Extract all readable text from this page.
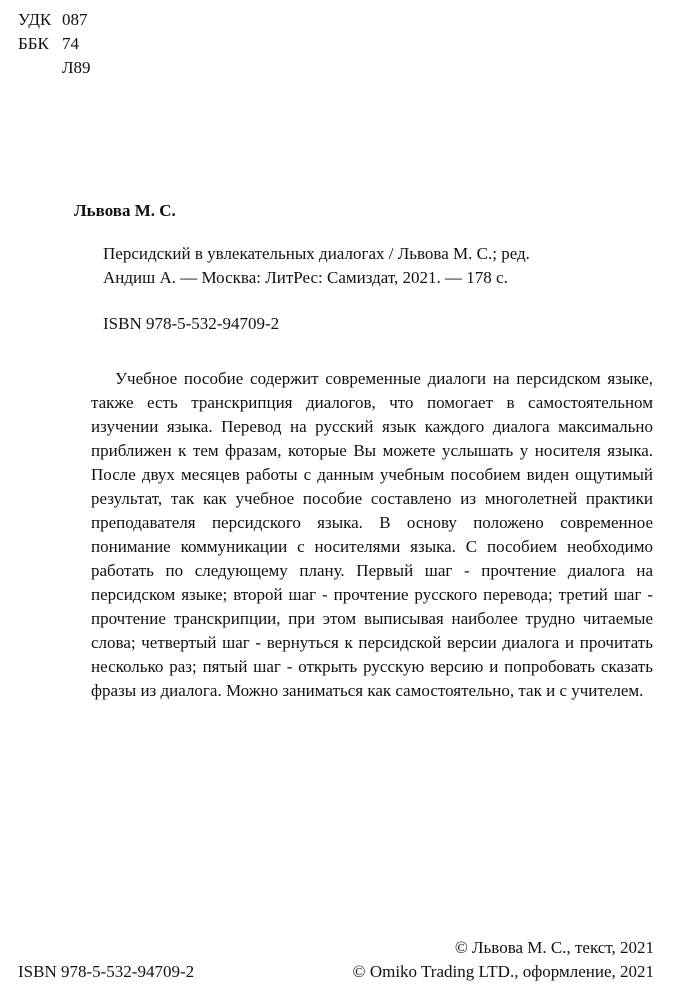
УДК 087
ББК 74
Л89
Львова М. С.
Персидский в увлекательных диалогах / Львова М. С.; ред.
Андиш А. — Москва: ЛитРес: Самиздат, 2021. — 178 с.
ISBN 978-5-532-94709-2

Учебное пособие содержит современные диалоги на персидском языке, также есть транскрипция диалогов, что помогает в самостоятельном изучении языка. Перевод на русский язык каждого диалога максимально приближен к тем фразам, которые Вы можете услышать у носителя языка. После двух месяцев работы с данным учебным пособием виден ощутимый результат, так как учебное пособие составлено из многолетней практики преподавателя персидского языка. В основу положено современное понимание коммуникации с носителями языка. С пособием необходимо работать по следующему плану. Первый шаг - прочтение диалога на персидском языке; второй шаг - прочтение русского перевода; третий шаг - прочтение транскрипции, при этом выписывая наиболее трудно читаемые слова; четвертый шаг - вернуться к персидской версии диалога и прочитать несколько раз; пятый шаг - открыть русскую версию и попробовать сказать фразы из диалога. Можно заниматься как самостоятельно, так и с учителем.

ISBN 978-5-532-94709-2
© Львова М. С., текст, 2021
© Omiko Trading LTD., оформление, 2021
